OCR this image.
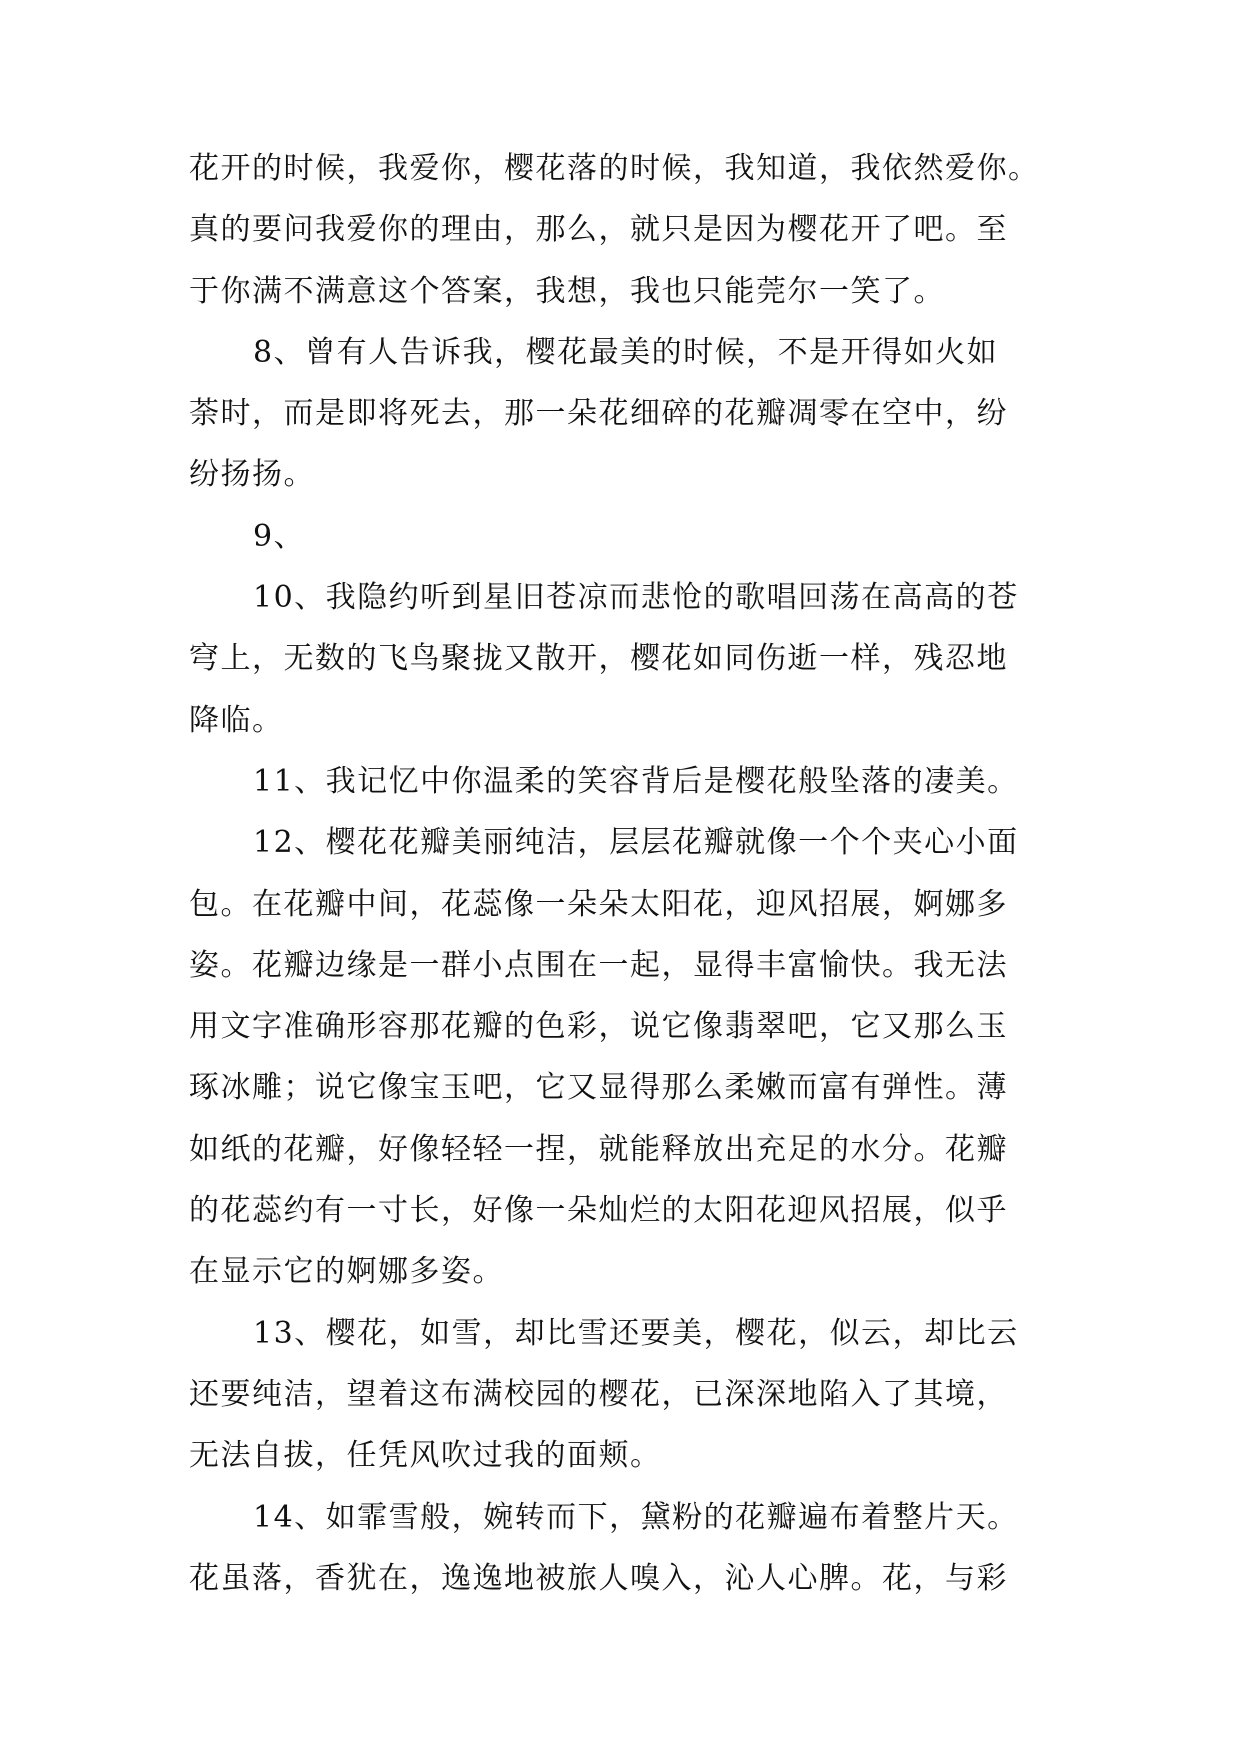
花开的时候，我爱你，樱花落的时候，我知道，我依然爱你。
真的要问我爱你的理由，那么，就只是因为樱花开了吧。至
于你满不满意这个答案，我想，我也只能莞尔一笑了。

8、曾有人告诉我，樱花最美的时候，不是开得如火如
荼时，而是即将死去，那一朵花细碎的花瓣凋零在空中，纷
纷扬扬。

9、

10、我隐约听到星旧苍凉而悲怆的歌唱回荡在高高的苍
穹上，无数的飞鸟聚拢又散开，樱花如同伤逝一样，残忍地
降临。

11、我记忆中你温柔的笑容背后是樱花般坠落的凄美。

12、樱花花瓣美丽纯洁，层层花瓣就像一个个夹心小面
包。在花瓣中间，花蕊像一朵朵太阳花，迎风招展，婀娜多
姿。花瓣边缘是一群小点围在一起，显得丰富愉快。我无法
用文字准确形容那花瓣的色彩，说它像翡翠吧，它又那么玉
琢冰雕；说它像宝玉吧，它又显得那么柔嫩而富有弹性。薄
如纸的花瓣，好像轻轻一捏，就能释放出充足的水分。花瓣
的花蕊约有一寸长，好像一朵灿烂的太阳花迎风招展，似乎
在显示它的婀娜多姿。

13、樱花，如雪，却比雪还要美，樱花，似云，却比云
还要纯洁，望着这布满校园的樱花，已深深地陷入了其境，
无法自拔，任凭风吹过我的面颊。

14、如霏雪般，婉转而下，黛粉的花瓣遍布着整片天。
花虽落，香犹在，逸逸地被旅人嗅入，沁人心脾。花，与彩
